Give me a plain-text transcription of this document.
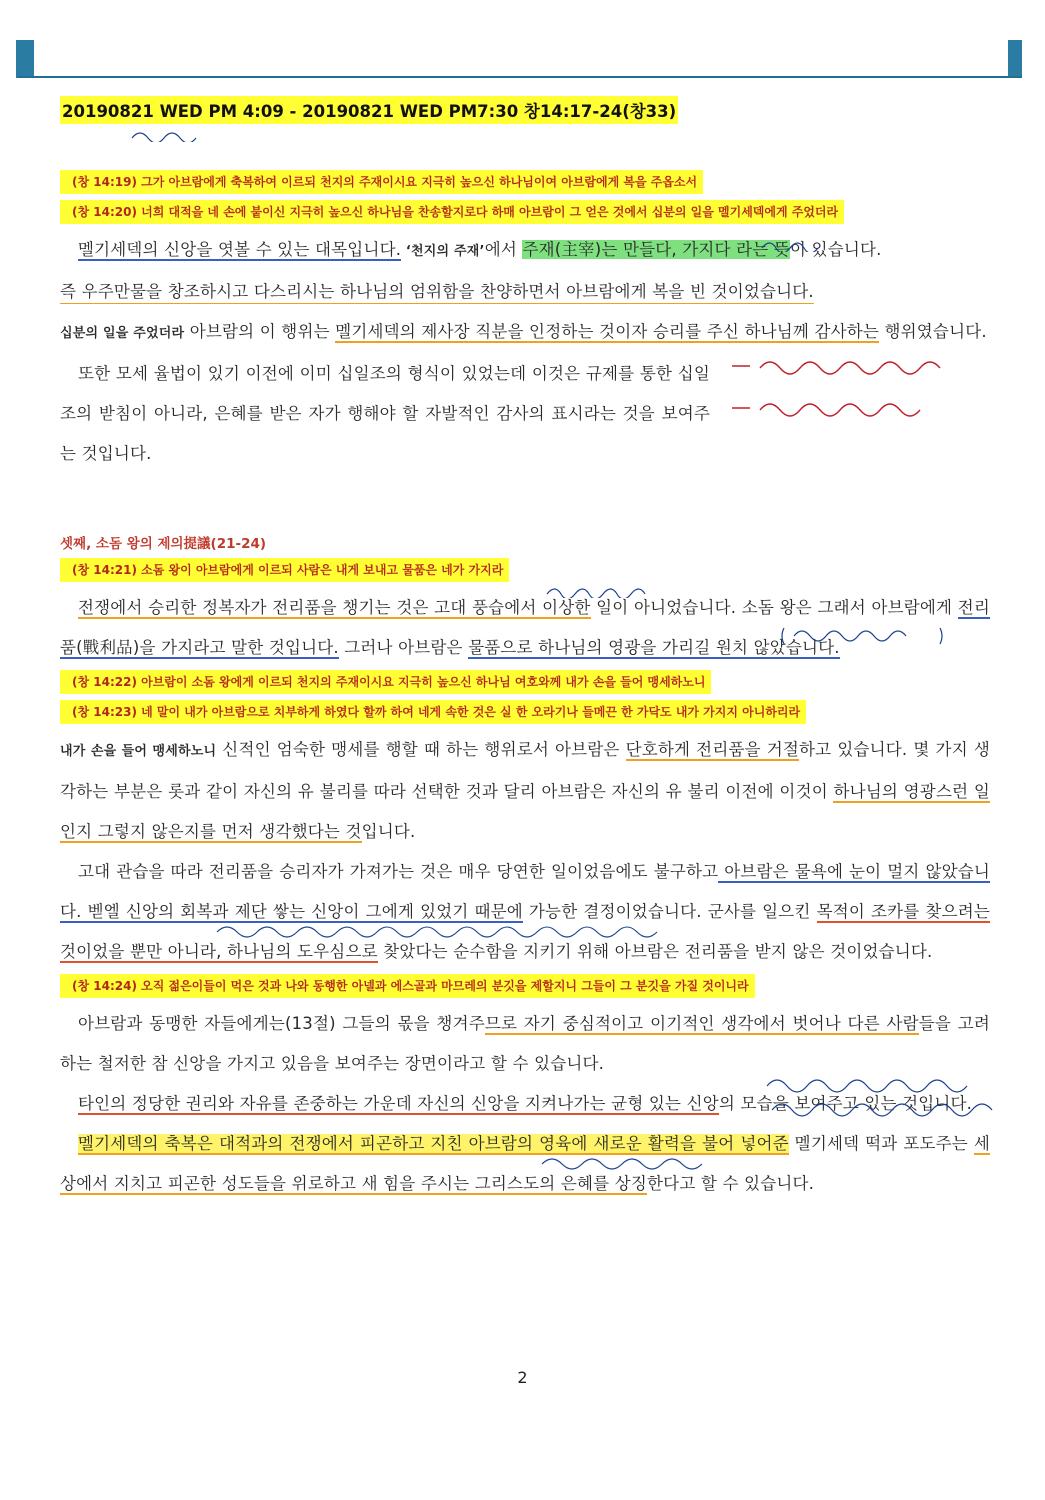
20190821 WED PM 4:09 - 20190821 WED PM7:30 창14:17-24(창33)
(창 14:19) 그가 아브람에게 축복하여 이르되 천지의 주재이시요 지극히 높으신 하나님이여 아브람에게 복을 주옵소서
(창 14:20) 너희 대적을 네 손에 붙이신 지극히 높으신 하나님을 찬송할지로다 하매 아브람이 그 얻은 것에서 십분의 일을 멜기세덱에게 주었더라

멜기세덱의 신앙을 엿볼 수 있는 대목입니다. ‘천지의 주재’에서 주재(主宰)는 만들다, 가지다 라는 뜻이 있습니다.

즉 우주만물을 창조하시고 다스리시는 하나님의 엄위함을 찬양하면서 아브람에게 복을 빈 것이었습니다.

십분의 일을 주었더라 아브람의 이 행위는 멜기세덱의 제사장 직분을 인정하는 것이자 승리를 주신 하나님께 감사하는 행위였습니다.

또한 모세 율법이 있기 이전에 이미 십일조의 형식이 있었는데 이것은 규제를 통한 십일조의 받침이 아니라, 은혜를 받은 자가 행해야 할 자발적인 감사의 표시라는 것을 보여주는 것입니다.

셋째, 소돔 왕의 제의提議(21-24)
(창 14:21) 소돔 왕이 아브람에게 이르되 사람은 내게 보내고 물품은 네가 가지라

전쟁에서 승리한 정복자가 전리품을 챙기는 것은 고대 풍습에서 이상한 일이 아니었습니다. 소돔 왕은 그래서 아브람에게 전리품(戰利品)을 가지라고 말한 것입니다. 그러나 아브람은 물품으로 하나님의 영광을 가리길 원치 않았습니다.

(창 14:22) 아브람이 소돔 왕에게 이르되 천지의 주재이시요 지극히 높으신 하나님 여호와께 내가 손을 들어 맹세하노니
(창 14:23) 네 말이 내가 아브람으로 치부하게 하였다 할까 하여 네게 속한 것은 실 한 오라기나 들메끈 한 가닥도 내가 가지지 아니하리라

내가 손을 들어 맹세하노니 신적인 엄숙한 맹세를 행할 때 하는 행위로서 아브람은 단호하게 전리품을 거절하고 있습니다. 몇 가지 생각하는 부분은 롯과 같이 자신의 유 불리를 따라 선택한 것과 달리 아브람은 자신의 유 불리 이전에 이것이 하나님의 영광스런 일인지 그렇지 않은지를 먼저 생각했다는 것입니다.

고대 관습을 따라 전리품을 승리자가 가져가는 것은 매우 당연한 일이었음에도 불구하고 아브람은 물욕에 눈이 멀지 않았습니다. 벧엘 신앙의 회복과 제단 쌓는 신앙이 그에게 있었기 때문에 가능한 결정이었습니다. 군사를 일으킨 목적이 조카를 찾으려는 것이었을 뿐만 아니라, 하나님의 도우심으로 찾았다는 순수함을 지키기 위해 아브람은 전리품을 받지 않은 것이었습니다.

(창 14:24) 오직 젊은이들이 먹은 것과 나와 동행한 아넬과 에스골과 마므레의 분깃을 제할지니 그들이 그 분깃을 가질 것이니라

아브람과 동맹한 자들에게는(13절) 그들의 몫을 챙겨주므로 자기 중심적이고 이기적인 생각에서 벗어나 다른 사람들을 고려하는 철저한 참 신앙을 가지고 있음을 보여주는 장면이라고 할 수 있습니다.

타인의 정당한 권리와 자유를 존중하는 가운데 자신의 신앙을 지켜나가는 균형 있는 신앙의 모습을 보여주고 있는 것입니다.

멜기세덱의 축복은 대적과의 전쟁에서 피곤하고 지친 아브람의 영육에 새로운 활력을 불어 넣어준 멜기세덱 떡과 포도주는 세상에서 지치고 피곤한 성도들을 위로하고 새 힘을 주시는 그리스도의 은혜를 상징한다고 할 수 있습니다.

2
